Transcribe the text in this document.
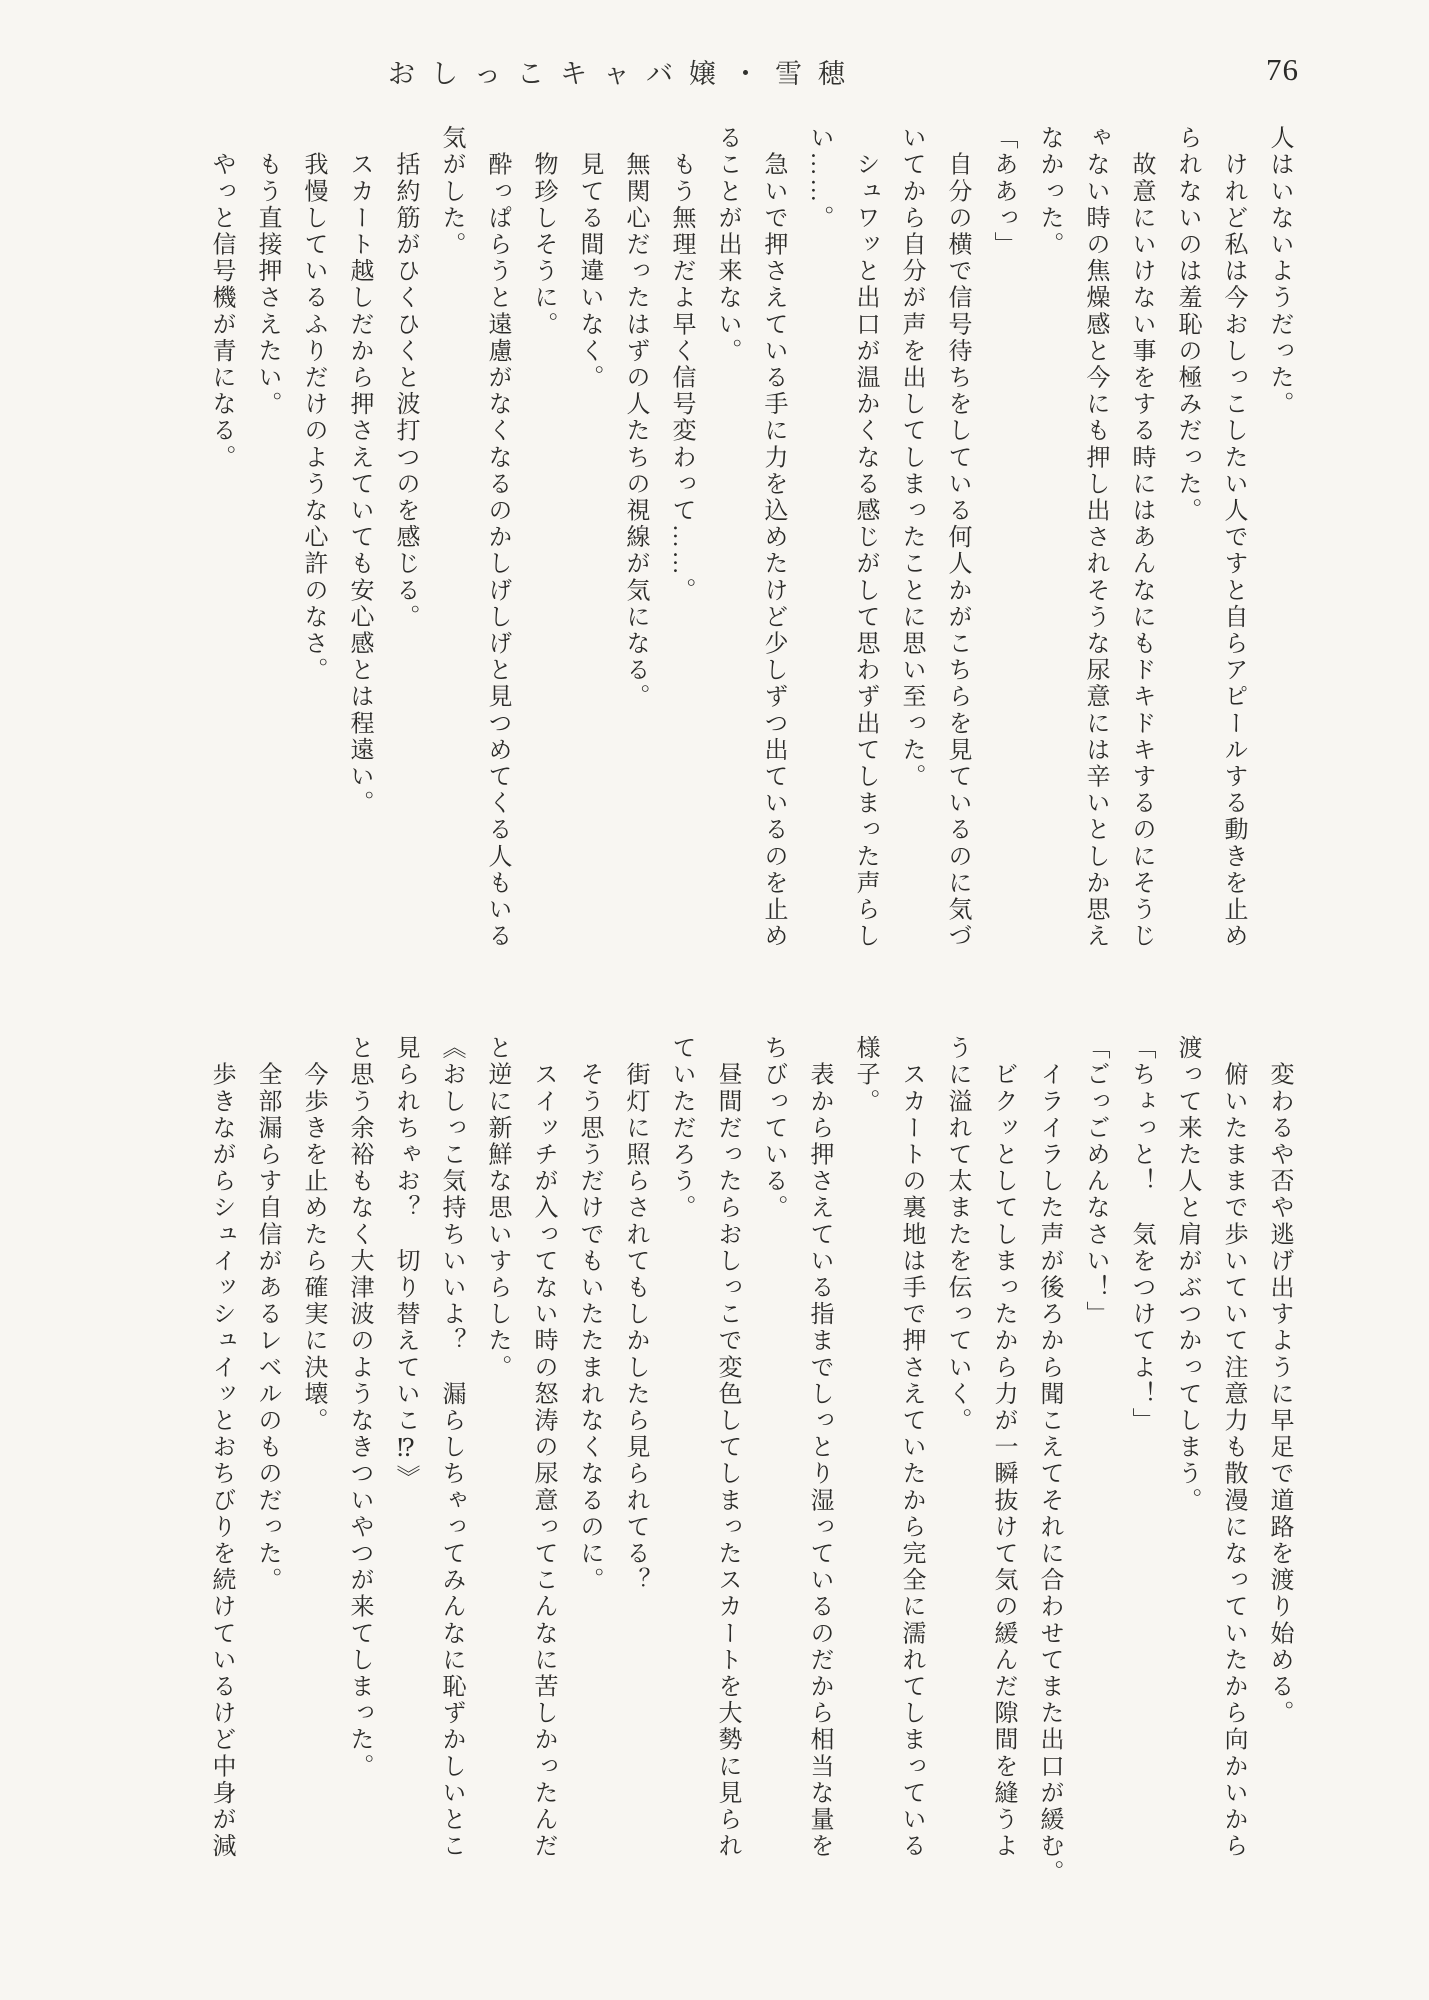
おしっこキャバ嬢・雪穂	76
人はいないようだった。
　けれど私は今おしっこしたい人ですと自らアピールする動きを止め
られないのは羞恥の極みだった。
　故意にいけない事をする時にはあんなにもドキドキするのにそうじ
ゃない時の焦燥感と今にも押し出されそうな尿意には辛いとしか思え
なかった。
「ああっ」
　自分の横で信号待ちをしている何人かがこちらを見ているのに気づ
いてから自分が声を出してしまったことに思い至った。
　シュワッと出口が温かくなる感じがして思わず出てしまった声らし
い……。
　急いで押さえている手に力を込めたけど少しずつ出ているのを止め
ることが出来ない。
　もう無理だよ早く信号変わって……。
　無関心だったはずの人たちの視線が気になる。
　見てる間違いなく。
　物珍しそうに。
　酔っぱらうと遠慮がなくなるのかしげしげと見つめてくる人もいる
気がした。
　括約筋がひくひくと波打つのを感じる。
　スカート越しだから押さえていても安心感とは程遠い。
　我慢しているふりだけのような心許のなさ。
　もう直接押さえたい。
　やっと信号機が青になる。
　変わるや否や逃げ出すように早足で道路を渡り始める。
　俯いたままで歩いていて注意力も散漫になっていたから向かいから
渡って来た人と肩がぶつかってしまう。
「ちょっと！　気をつけてよ！」
「ごっごめんなさい！」
　イライラした声が後ろから聞こえてそれに合わせてまた出口が緩む。
　ビクッとしてしまったから力が一瞬抜けて気の緩んだ隙間を縫うよ
うに溢れて太またを伝っていく。
　スカートの裏地は手で押さえていたから完全に濡れてしまっている
様子。
　表から押さえている指までしっとり湿っているのだから相当な量を
ちびっている。
　昼間だったらおしっこで変色してしまったスカートを大勢に見られ
ていただろう。
　街灯に照らされてもしかしたら見られてる？
　そう思うだけでもいたたまれなくなるのに。
　スイッチが入ってない時の怒涛の尿意ってこんなに苦しかったんだ
と逆に新鮮な思いすらした。
《おしっこ気持ちいいよ？　漏らしちゃってみんなに恥ずかしいとこ
見られちゃお？　切り替えていこ⁉》
と思う余裕もなく大津波のようなきついやつが来てしまった。
　今歩きを止めたら確実に決壊。
　全部漏らす自信があるレベルのものだった。
　歩きながらシュイッシュイッとおちびりを続けているけど中身が減
